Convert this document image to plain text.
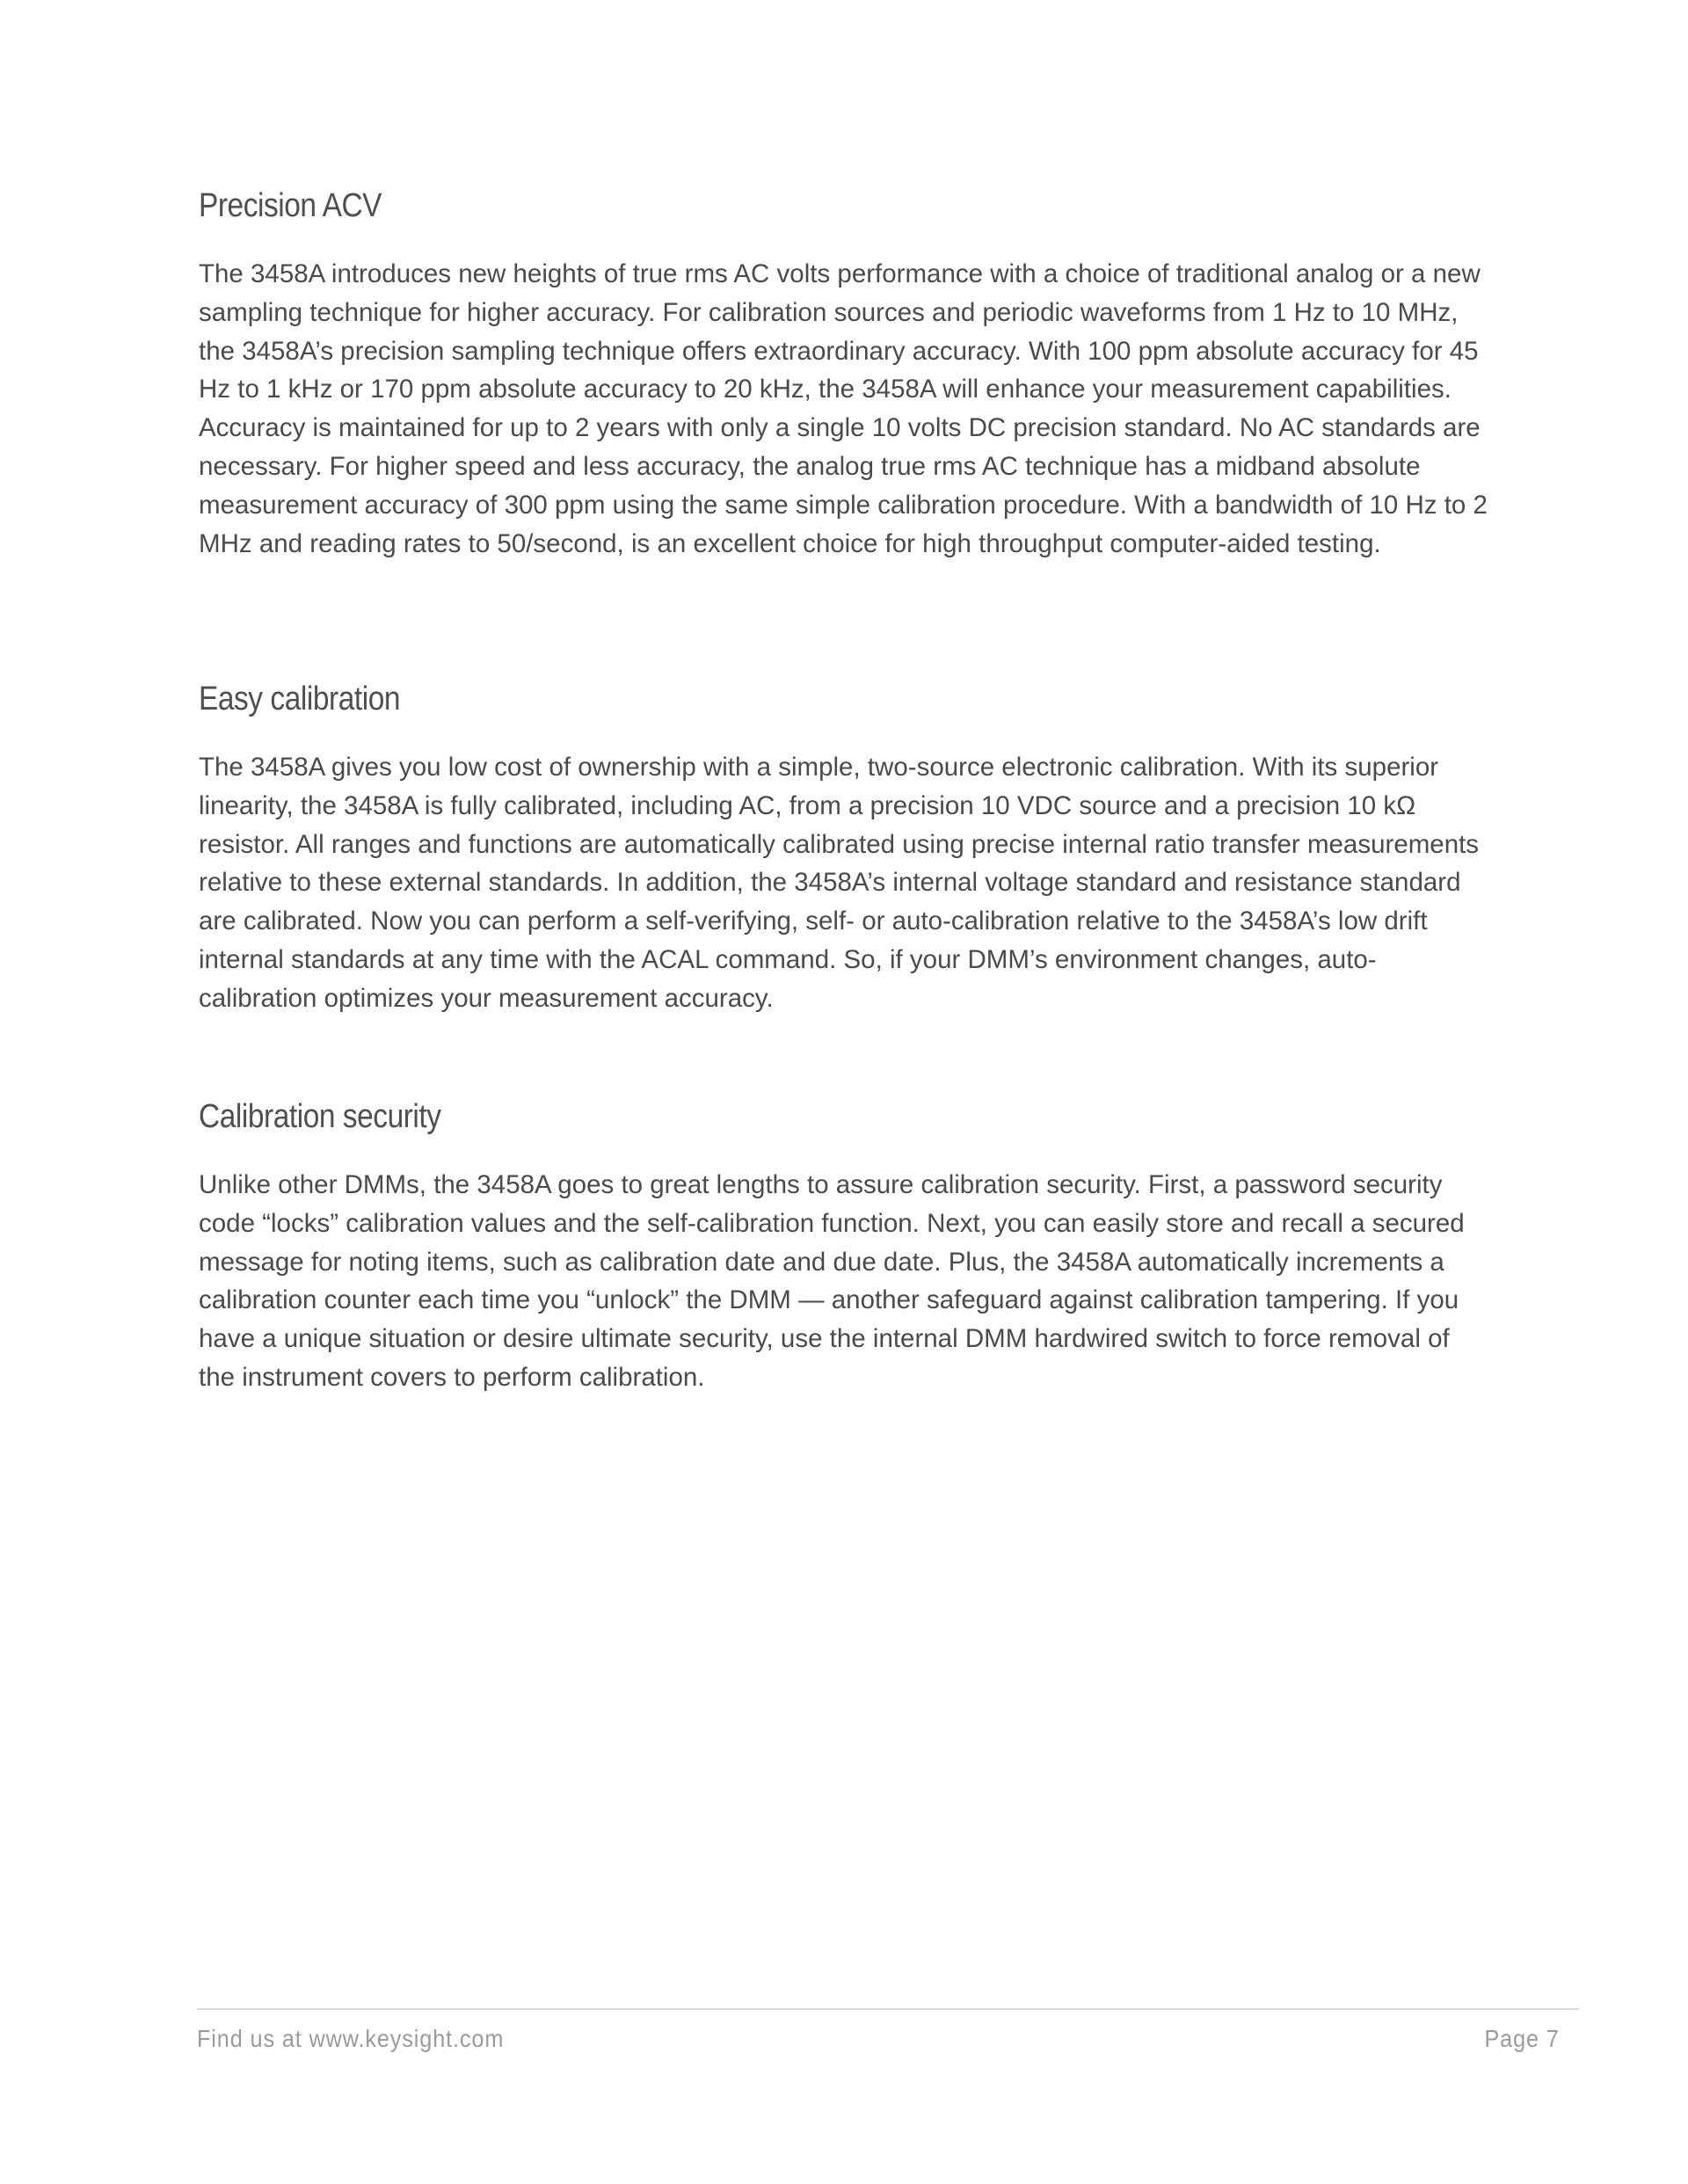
Precision ACV

The 3458A introduces new heights of true rms AC volts performance with a choice of traditional analog or a new sampling technique for higher accuracy. For calibration sources and periodic waveforms from 1 Hz to 10 MHz, the 3458A’s precision sampling technique offers extraordinary accuracy. With 100 ppm absolute accuracy for 45 Hz to 1 kHz or 170 ppm absolute accuracy to 20 kHz, the 3458A will enhance your measurement capabilities. Accuracy is maintained for up to 2 years with only a single 10 volts DC precision standard. No AC standards are necessary. For higher speed and less accuracy, the analog true rms AC technique has a midband absolute measurement accuracy of 300 ppm using the same simple calibration procedure. With a bandwidth of 10 Hz to 2 MHz and reading rates to 50/second, is an excellent choice for high throughput computer-aided testing.

Easy calibration

The 3458A gives you low cost of ownership with a simple, two-source electronic calibration. With its superior linearity, the 3458A is fully calibrated, including AC, from a precision 10 VDC source and a precision 10 kΩ resistor. All ranges and functions are automatically calibrated using precise internal ratio transfer measurements relative to these external standards. In addition, the 3458A’s internal voltage standard and resistance standard are calibrated. Now you can perform a self-verifying, self- or auto-calibration relative to the 3458A’s low drift internal standards at any time with the ACAL command. So, if your DMM’s environment changes, auto-calibration optimizes your measurement accuracy.

Calibration security

Unlike other DMMs, the 3458A goes to great lengths to assure calibration security. First, a password security code “locks” calibration values and the self-calibration function. Next, you can easily store and recall a secured message for noting items, such as calibration date and due date. Plus, the 3458A automatically increments a calibration counter each time you “unlock” the DMM — another safeguard against calibration tampering. If you have a unique situation or desire ultimate security, use the internal DMM hardwired switch to force removal of the instrument covers to perform calibration.

Find us at www.keysight.com	Page 7
